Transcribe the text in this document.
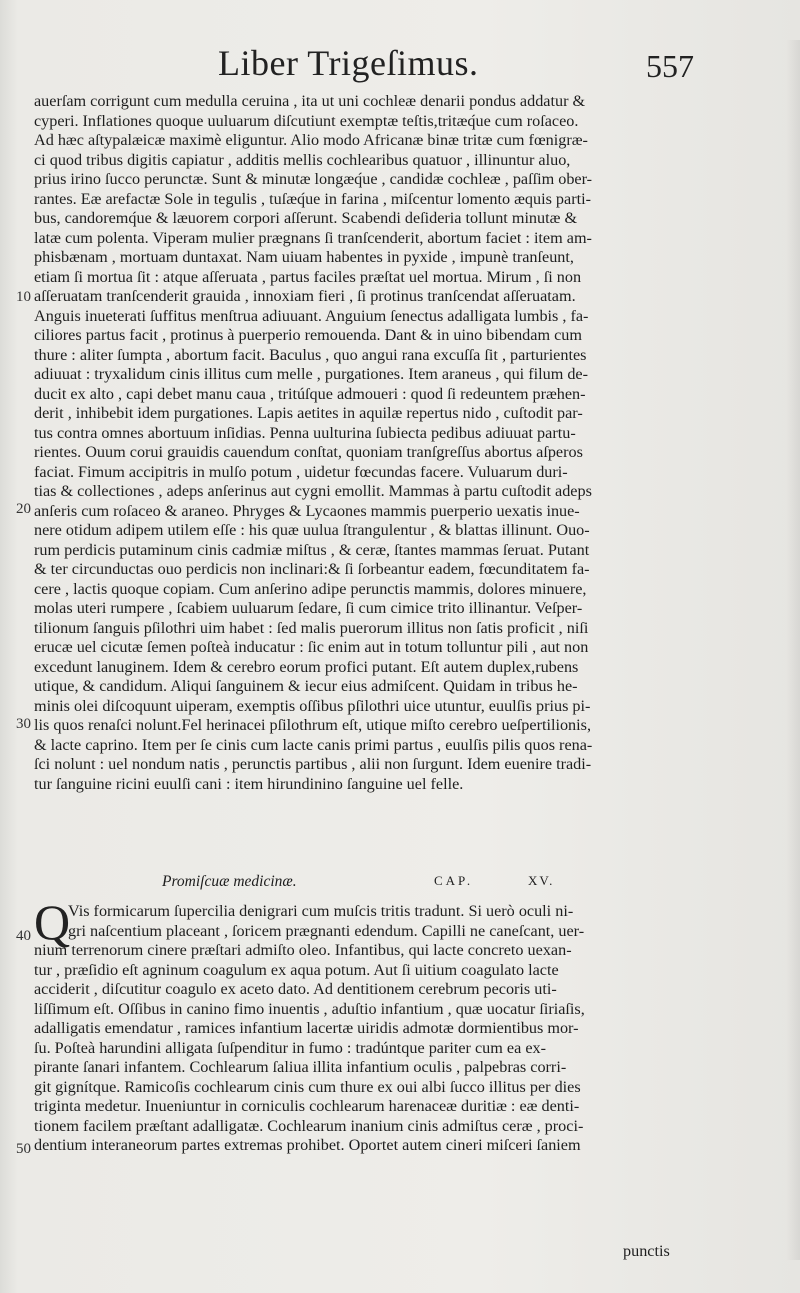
Liber Trigeſimus.	557
auerſam corrigunt cum medulla ceruina , ita ut uni cochleæ denarii pondus addatur &
cyperi. Inflationes quoque uuluarum diſcutiunt exemptæ teſtis,tritæq́ue cum roſaceo.
Ad hæc aſtypalæicæ maximè eliguntur. Alio modo Africanæ binæ tritæ cum fœnigræ-
ci quod tribus digitis capiatur , additis mellis cochlearibus quatuor , illinuntur aluo,
prius irino ſucco perunctæ. Sunt & minutæ longæq́ue , candidæ cochleæ , paſſim ober-
rantes. Eæ arefactæ Sole in tegulis , tuſæq́ue in farina , miſcentur lomento æquis parti-
bus, candoremq́ue & læuorem corpori aſſerunt. Scabendi deſideria tollunt minutæ &
latæ cum polenta. Viperam mulier prægnans ſi tranſcenderit, abortum faciet : item am-
phisbænam , mortuam duntaxat. Nam uiuam habentes in pyxide , impunè tranſeunt,
etiam ſi mortua ſit : atque aſſeruata , partus faciles præſtat uel mortua. Mirum , ſi non
aſſeruatam tranſcenderit grauida , innoxiam fieri , ſi protinus tranſcendat aſſeruatam.
Anguis inueterati ſuffitus menſtrua adiuuant. Anguium ſenectus adalligata lumbis , fa-
ciliores partus facit , protinus à puerperio remouenda. Dant & in uino bibendam cum
thure : aliter ſumpta , abortum facit. Baculus , quo angui rana excuſſa ſit , parturientes
adiuuat : tryxalidum cinis illitus cum melle , purgationes. Item araneus , qui filum de-
ducit ex alto , capi debet manu caua , tritúſque admoueri : quod ſi redeuntem præhen-
derit , inhibebit idem purgationes. Lapis aetites in aquilæ repertus nido , cuſtodit par-
tus contra omnes abortuum inſidias. Penna uulturina ſubiecta pedibus adiuuat partu-
rientes. Ouum corui grauidis cauendum conſtat, quoniam tranſgreſſus abortus aſperos
faciat. Fimum accipitris in mulſo potum , uidetur fœcundas facere. Vuluarum duri-
tias & collectiones , adeps anſerinus aut cygni emollit. Mammas à partu cuſtodit adeps
anſeris cum roſaceo & araneo. Phryges & Lycaones mammis puerperio uexatis inue-
nere otidum adipem utilem eſſe : his quæ uulua ſtrangulentur , & blattas illinunt. Ouo-
rum perdicis putaminum cinis cadmiæ miſtus , & ceræ, ſtantes mammas ſeruat. Putant
& ter circunductas ouo perdicis non inclinari:& ſi ſorbeantur eadem, fœcunditatem fa-
cere , lactis quoque copiam. Cum anſerino adipe perunctis mammis, dolores minuere,
molas uteri rumpere , ſcabiem uuluarum ſedare, ſi cum cimice trito illinantur. Veſper-
tilionum ſanguis pſilothri uim habet : ſed malis puerorum illitus non ſatis proficit , niſi
erucæ uel cicutæ ſemen poſteà inducatur : ſic enim aut in totum tolluntur pili , aut non
excedunt lanuginem. Idem & cerebro eorum profici putant. Eſt autem duplex,rubens
utique, & candidum. Aliqui ſanguinem & iecur eius admiſcent. Quidam in tribus he-
minis olei diſcoquunt uiperam, exemptis oſſibus pſilothri uice utuntur, euulſis prius pi-
lis quos renaſci nolunt.Fel herinacei pſilothrum eſt, utique miſto cerebro ueſpertilionis,
& lacte caprino. Item per ſe cinis cum lacte canis primi partus , euulſis pilis quos rena-
ſci nolunt : uel nondum natis , perunctis partibus , alii non ſurgunt. Idem euenire tradi-
tur ſanguine ricini euulſi cani : item hirundinino ſanguine uel felle.
10
20
30
40
50
Promiſcuæ medicinæ.	CAP.	XV.
Q
Vis formicarum ſupercilia denigrari cum muſcis tritis tradunt. Si uerò oculi ni-
gri naſcentium placeant , ſoricem prægnanti edendum. Capilli ne caneſcant, uer-
nium terrenorum cinere præſtari admiſto oleo. Infantibus, qui lacte concreto uexan-
tur , præſidio eſt agninum coagulum ex aqua potum. Aut ſi uitium coagulato lacte
acciderit , diſcutitur coagulo ex aceto dato. Ad dentitionem cerebrum pecoris uti-
liſſimum eſt. Oſſibus in canino fimo inuentis , aduſtio infantium , quæ uocatur ſiriaſis,
adalligatis emendatur , ramices infantium lacertæ uiridis admotæ dormientibus mor-
ſu. Poſteà harundini alligata ſuſpenditur in fumo : tradúntque pariter cum ea ex-
pirante ſanari infantem. Cochlearum ſaliua illita infantium oculis , palpebras corri-
git gignítque. Ramicoſis cochlearum cinis cum thure ex oui albi ſucco illitus per dies
triginta medetur. Inueniuntur in corniculis cochlearum harenaceæ duritiæ : eæ denti-
tionem facilem præſtant adalligatæ. Cochlearum inanium cinis admiſtus ceræ , proci-
dentium interaneorum partes extremas prohibet. Oportet autem cineri miſceri ſaniem
punctis
